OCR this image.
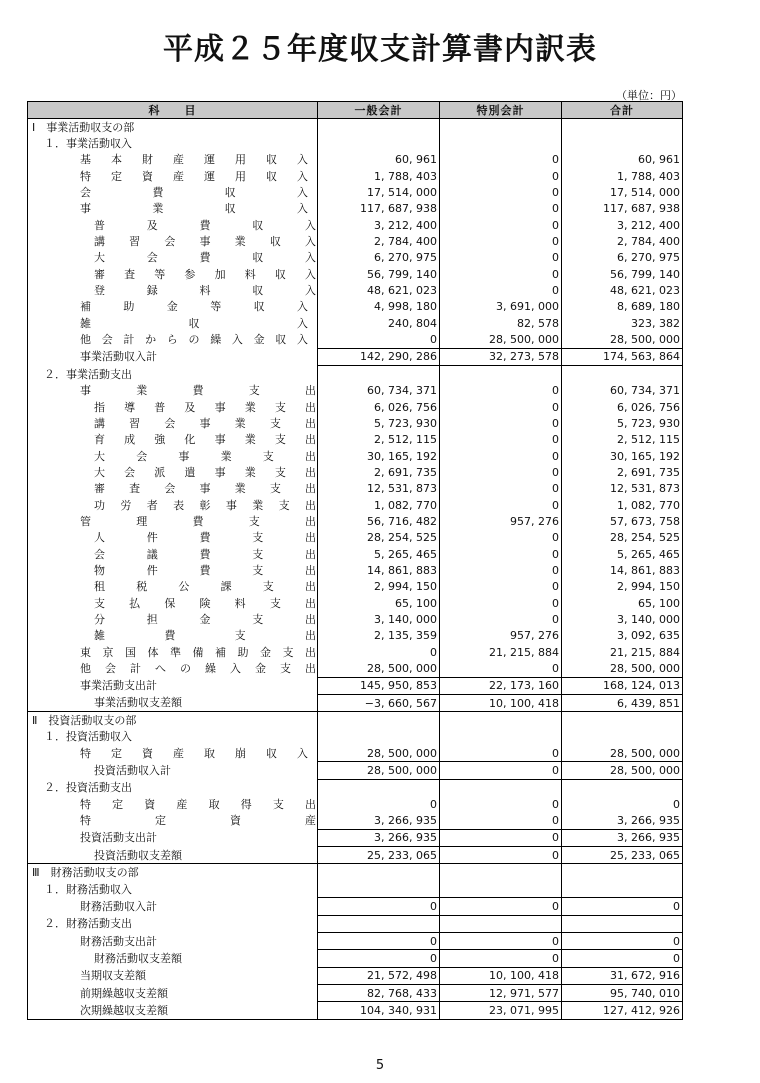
平成２５年度収支計算書内訳表
（単位：円）
科　　目	一般会計	特別会計	合計
Ⅰ　事業活動収支の部			
１．事業活動収入			
基本財産運用収入	60, 961	0	60, 961
特定資産運用収入	1, 788, 403	0	1, 788, 403
会費収入	17, 514, 000	0	17, 514, 000
事業収入	117, 687, 938	0	117, 687, 938
普及費収入	3, 212, 400	0	3, 212, 400
講習会事業収入	2, 784, 400	0	2, 784, 400
大会費収入	6, 270, 975	0	6, 270, 975
審査等参加料収入	56, 799, 140	0	56, 799, 140
登録料収入	48, 621, 023	0	48, 621, 023
補助金等収入	4, 998, 180	3, 691, 000	8, 689, 180
雑収入	240, 804	82, 578	323, 382
他会計からの繰入金収入	0	28, 500, 000	28, 500, 000
事業活動収入計	142, 290, 286	32, 273, 578	174, 563, 864
２．事業活動支出			
事業費支出	60, 734, 371	0	60, 734, 371
指導普及事業支出	6, 026, 756	0	6, 026, 756
講習会事業支出	5, 723, 930	0	5, 723, 930
育成強化事業支出	2, 512, 115	0	2, 512, 115
大会事業支出	30, 165, 192	0	30, 165, 192
大会派遣事業支出	2, 691, 735	0	2, 691, 735
審査会事業支出	12, 531, 873	0	12, 531, 873
功労者表彰事業支出	1, 082, 770	0	1, 082, 770
管理費支出	56, 716, 482	957, 276	57, 673, 758
人件費支出	28, 254, 525	0	28, 254, 525
会議費支出	5, 265, 465	0	5, 265, 465
物件費支出	14, 861, 883	0	14, 861, 883
租税公課支出	2, 994, 150	0	2, 994, 150
支払保険料支出	65, 100	0	65, 100
分担金支出	3, 140, 000	0	3, 140, 000
雑費支出	2, 135, 359	957, 276	3, 092, 635
東京国体準備補助金支出	0	21, 215, 884	21, 215, 884
他会計への繰入金支出	28, 500, 000	0	28, 500, 000
事業活動支出計	145, 950, 853	22, 173, 160	168, 124, 013
事業活動収支差額	−3, 660, 567	10, 100, 418	6, 439, 851
Ⅱ　投資活動収支の部			
１．投資活動収入			
特定資産取崩収入	28, 500, 000	0	28, 500, 000
投資活動収入計	28, 500, 000	0	28, 500, 000
２．投資活動支出			
特定資産取得支出	0	0	0
特定資産	3, 266, 935	0	3, 266, 935
投資活動支出計	3, 266, 935	0	3, 266, 935
投資活動収支差額	25, 233, 065	0	25, 233, 065
Ⅲ　財務活動収支の部			
１．財務活動収入			
財務活動収入計	0	0	0
２．財務活動支出			
財務活動支出計	0	0	0
財務活動収支差額	0	0	0
当期収支差額	21, 572, 498	10, 100, 418	31, 672, 916
前期繰越収支差額	82, 768, 433	12, 971, 577	95, 740, 010
次期繰越収支差額	104, 340, 931	23, 071, 995	127, 412, 926
5
